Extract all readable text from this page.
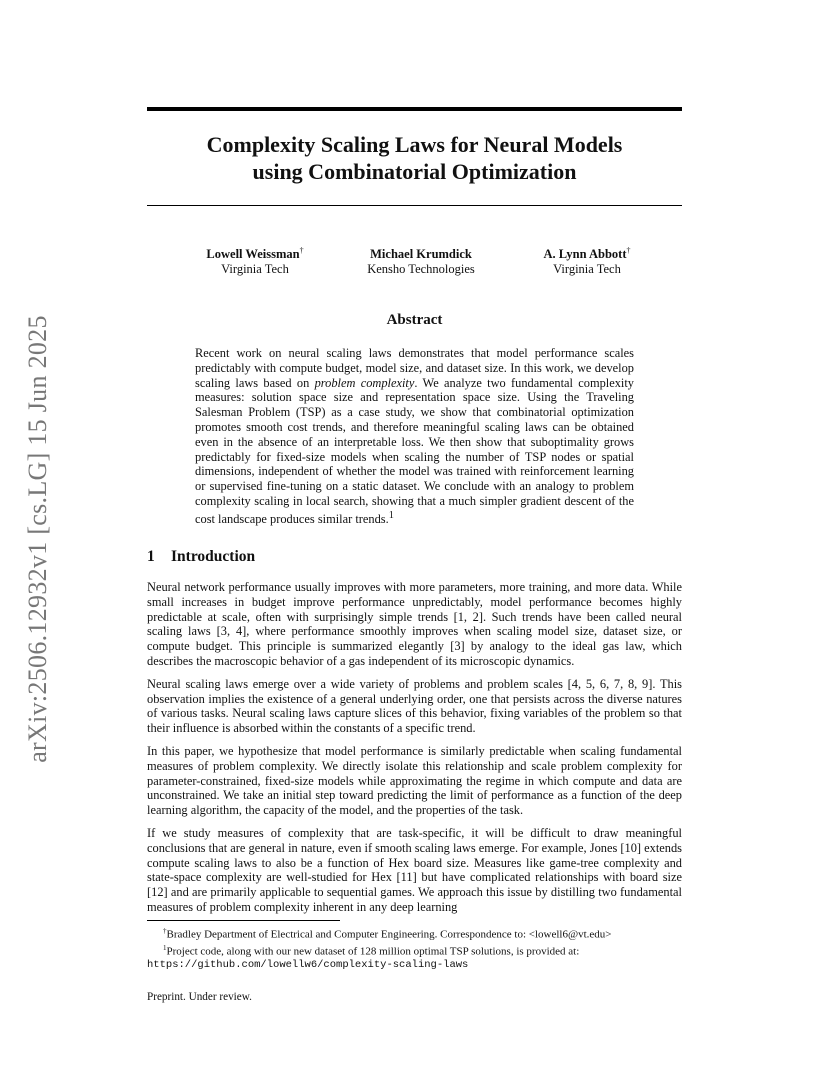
arXiv:2506.12932v1 [cs.LG] 15 Jun 2025
Complexity Scaling Laws for Neural Models
using Combinatorial Optimization
Lowell Weissman†
Virginia Tech
Michael Krumdick
Kensho Technologies
A. Lynn Abbott†
Virginia Tech
Abstract
Recent work on neural scaling laws demonstrates that model performance scales predictably with compute budget, model size, and dataset size. In this work, we develop scaling laws based on problem complexity. We analyze two fundamental complexity measures: solution space size and representation space size. Using the Traveling Salesman Problem (TSP) as a case study, we show that combinatorial optimization promotes smooth cost trends, and therefore meaningful scaling laws can be obtained even in the absence of an interpretable loss. We then show that suboptimality grows predictably for fixed-size models when scaling the number of TSP nodes or spatial dimensions, independent of whether the model was trained with reinforcement learning or supervised fine-tuning on a static dataset. We conclude with an analogy to problem complexity scaling in local search, showing that a much simpler gradient descent of the cost landscape produces similar trends.$^1$
1 Introduction

Neural network performance usually improves with more parameters, more training, and more data. While small increases in budget improve performance unpredictably, model performance becomes highly predictable at scale, often with surprisingly simple trends [1, 2]. Such trends have been called neural scaling laws [3, 4], where performance smoothly improves when scaling model size, dataset size, or compute budget. This principle is summarized elegantly [3] by analogy to the ideal gas law, which describes the macroscopic behavior of a gas independent of its microscopic dynamics.

Neural scaling laws emerge over a wide variety of problems and problem scales [4, 5, 6, 7, 8, 9]. This observation implies the existence of a general underlying order, one that persists across the diverse natures of various tasks. Neural scaling laws capture slices of this behavior, fixing variables of the problem so that their influence is absorbed within the constants of a specific trend.

In this paper, we hypothesize that model performance is similarly predictable when scaling fundamental measures of problem complexity. We directly isolate this relationship and scale problem complexity for parameter-constrained, fixed-size models while approximating the regime in which compute and data are unconstrained. We take an initial step toward predicting the limit of performance as a function of the deep learning algorithm, the capacity of the model, and the properties of the task.

If we study measures of complexity that are task-specific, it will be difficult to draw meaningful conclusions that are general in nature, even if smooth scaling laws emerge. For example, Jones [10] extends compute scaling laws to also be a function of Hex board size. Measures like game-tree complexity and state-space complexity are well-studied for Hex [11] but have complicated relationships with board size [12] and are primarily applicable to sequential games. We approach this issue by distilling two fundamental measures of problem complexity inherent in any deep learning

†Bradley Department of Electrical and Computer Engineering. Correspondence to: <lowell6@vt.edu>
$^1$Project code, along with our new dataset of 128 million optimal TSP solutions, is provided at:
https://github.com/lowellw6/complexity-scaling-laws
Preprint. Under review.
